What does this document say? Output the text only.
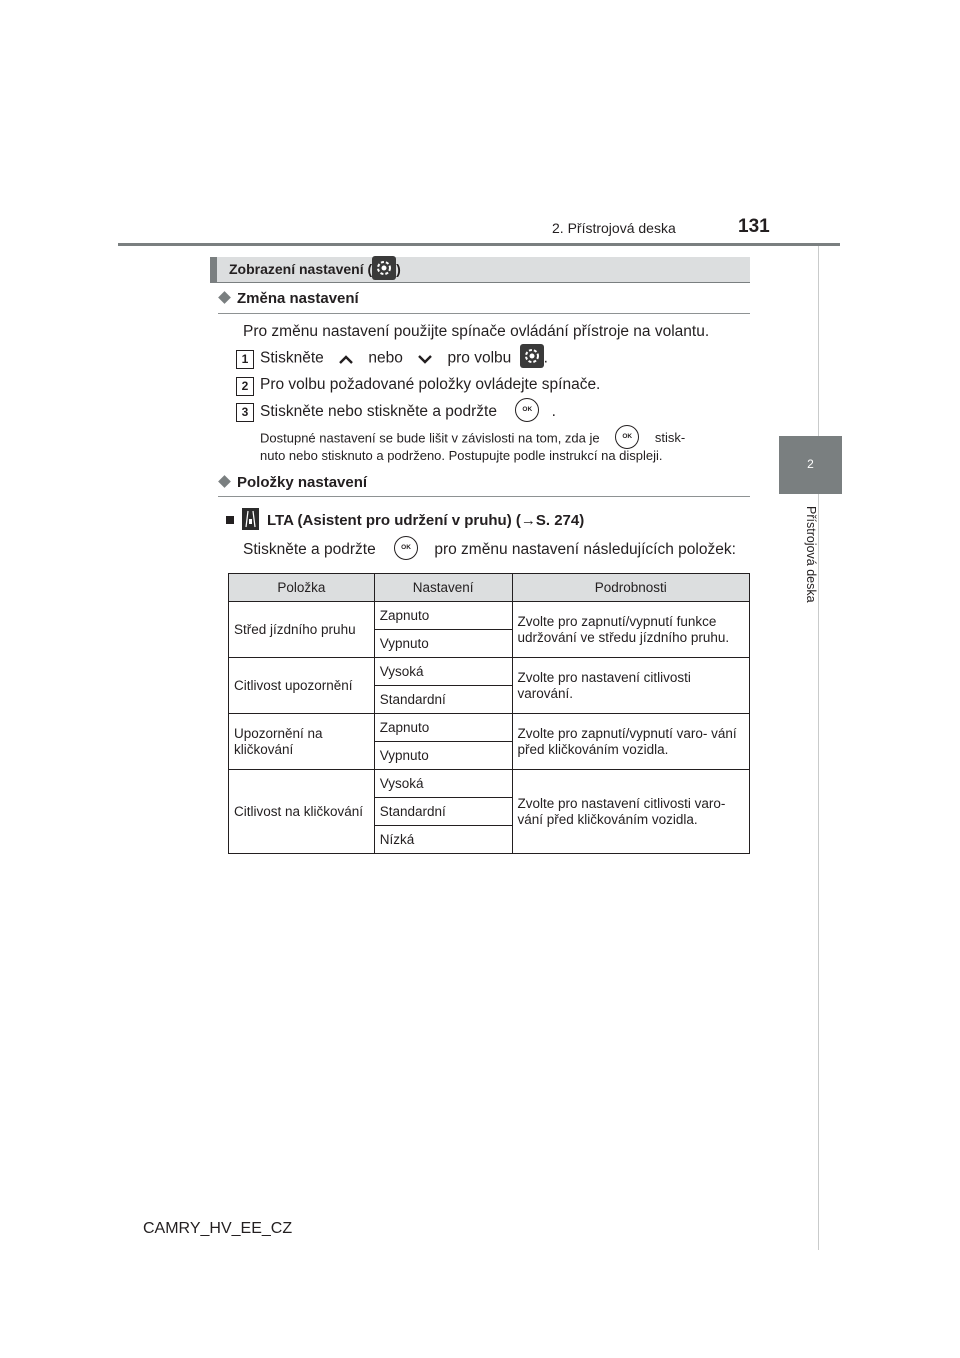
2. Přístrojová deska	131
2
Přístrojová deska
Zobrazení nastavení ( )
Změna nastavení
Pro změnu nastavení použijte spínače ovládání přístroje na volantu.
1 Stiskněte	nebo	pro volbu .
2 Pro volbu požadované položky ovládejte spínače.
3 Stiskněte nebo stiskněte a podržte	OK .
Dostupné nastavení se bude lišit v závislosti na tom, zda je	OK stisk-
nuto nebo stisknuto a podrženo. Postupujte podle instrukcí na displeji.
Položky nastavení
LTA (Asistent pro udržení v pruhu) (→S. 274)
Stiskněte a podržte	OK pro změnu nastavení následujících položek:
Položka	Nastavení	Podrobnosti
Střed jízdního pruhu	Zapnuto	Zvolte pro zapnutí/vypnutí funkce udržování ve středu jízdního pruhu.
	Vypnuto	
Citlivost upozornění	Vysoká	Zvolte pro nastavení citlivosti varování.
	Standardní	
Upozornění na kličkování	Zapnuto	Zvolte pro zapnutí/vypnutí varo- vání před kličkováním vozidla.
	Vypnuto	
Citlivost na kličkování	Vysoká	Zvolte pro nastavení citlivosti varo- vání před kličkováním vozidla.
	Standardní	
	Nízká	
CAMRY_HV_EE_CZ
